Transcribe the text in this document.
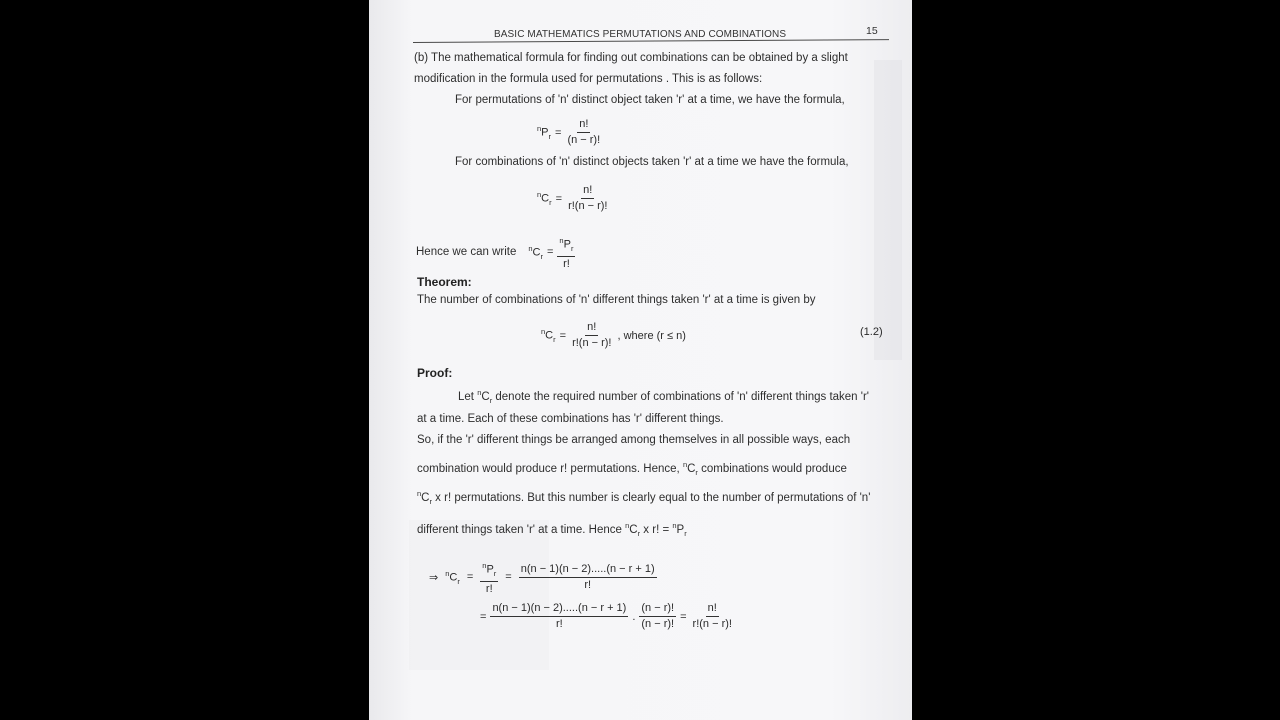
BASIC MATHEMATICS PERMUTATIONS AND COMBINATIONS	15
(b) The mathematical formula for finding out combinations can be obtained by a slight
modification in the formula used for permutations . This is as follows:
For permutations of 'n' distinct object taken 'r' at a time, we have the formula,
$^nP_r = \frac{n!}{(n - r)!}$
For combinations of 'n' distinct objects taken 'r' at a time we have the formula,
$^nC_r = \frac{n!}{r!(n - r)!}$
Hence we can write $^nC_r = \frac{^nP_r}{r!}$
Theorem:
The number of combinations of 'n' different things taken 'r' at a time is given by
$^nC_r = \frac{n!}{r!(n - r)!}$ , where (r ≤ n)	(1.2)
Proof:
Let $^nC_r$ denote the required number of combinations of 'n' different things taken 'r'
at a time. Each of these combinations has 'r' different things.
So, if the 'r' different things be arranged among themselves in all possible ways, each
combination would produce r! permutations. Hence, $^nC_r$ combinations would produce
$^nC_r$ x r! permutations. But this number is clearly equal to the number of permutations of 'n'
different things taken 'r' at a time. Hence $^nC_r$ x r! = $^nP_r$
⇒ $^nC_r = \frac{^nP_r}{r!} = \frac{n(n - 1)(n - 2).....(n - r + 1)}{r!}$
= $\frac{n(n - 1)(n - 2).....(n - r + 1)}{r!}$ . $\frac{(n - r)!}{(n - r)!} = \frac{n!}{r!(n - r)!}$
